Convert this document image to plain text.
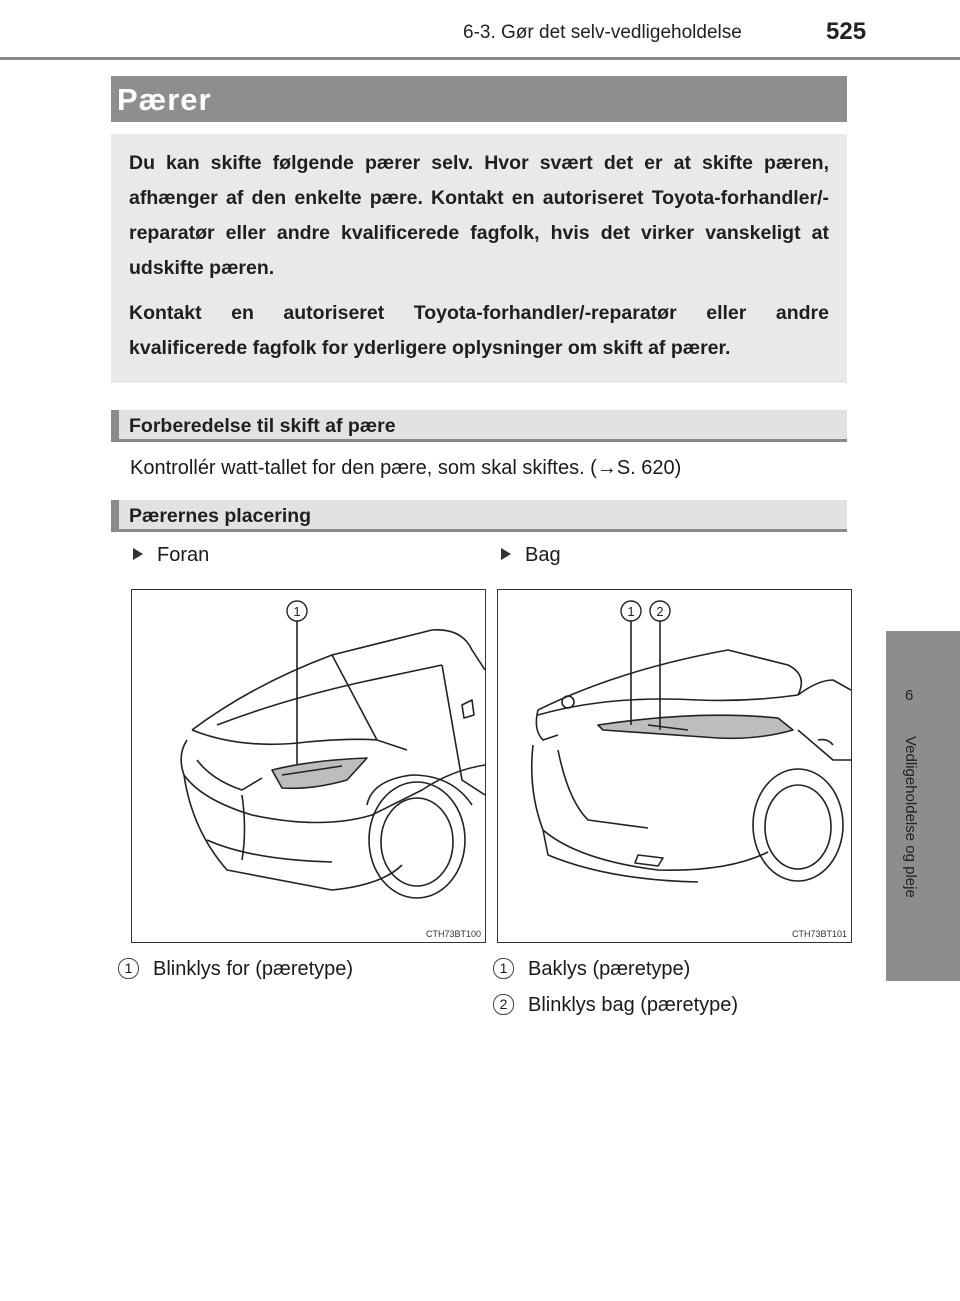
6-3. Gør det selv-vedligeholdelse	525
6
Vedligeholdelse og pleje
Pærer

Du kan skifte følgende pærer selv. Hvor svært det er at skifte pæren, afhænger af den enkelte pære. Kontakt en autoriseret Toyota-forhandler/-reparatør eller andre kvalificerede fagfolk, hvis det virker vanskeligt at udskifte pæren.

Kontakt en autoriseret Toyota-forhandler/-reparatør eller andre kvalificerede fagfolk for yderligere oplysninger om skift af pærer.

Forberedelse til skift af pære
Kontrollér watt-tallet for den pære, som skal skiftes. (→S. 620)
Pærernes placering
Foran	Bag
1
CTH73BT100
1 2
CTH73BT101
1 Blinklys for (pæretype)	1 Baklys (pæretype)
2 Blinklys bag (pæretype)
